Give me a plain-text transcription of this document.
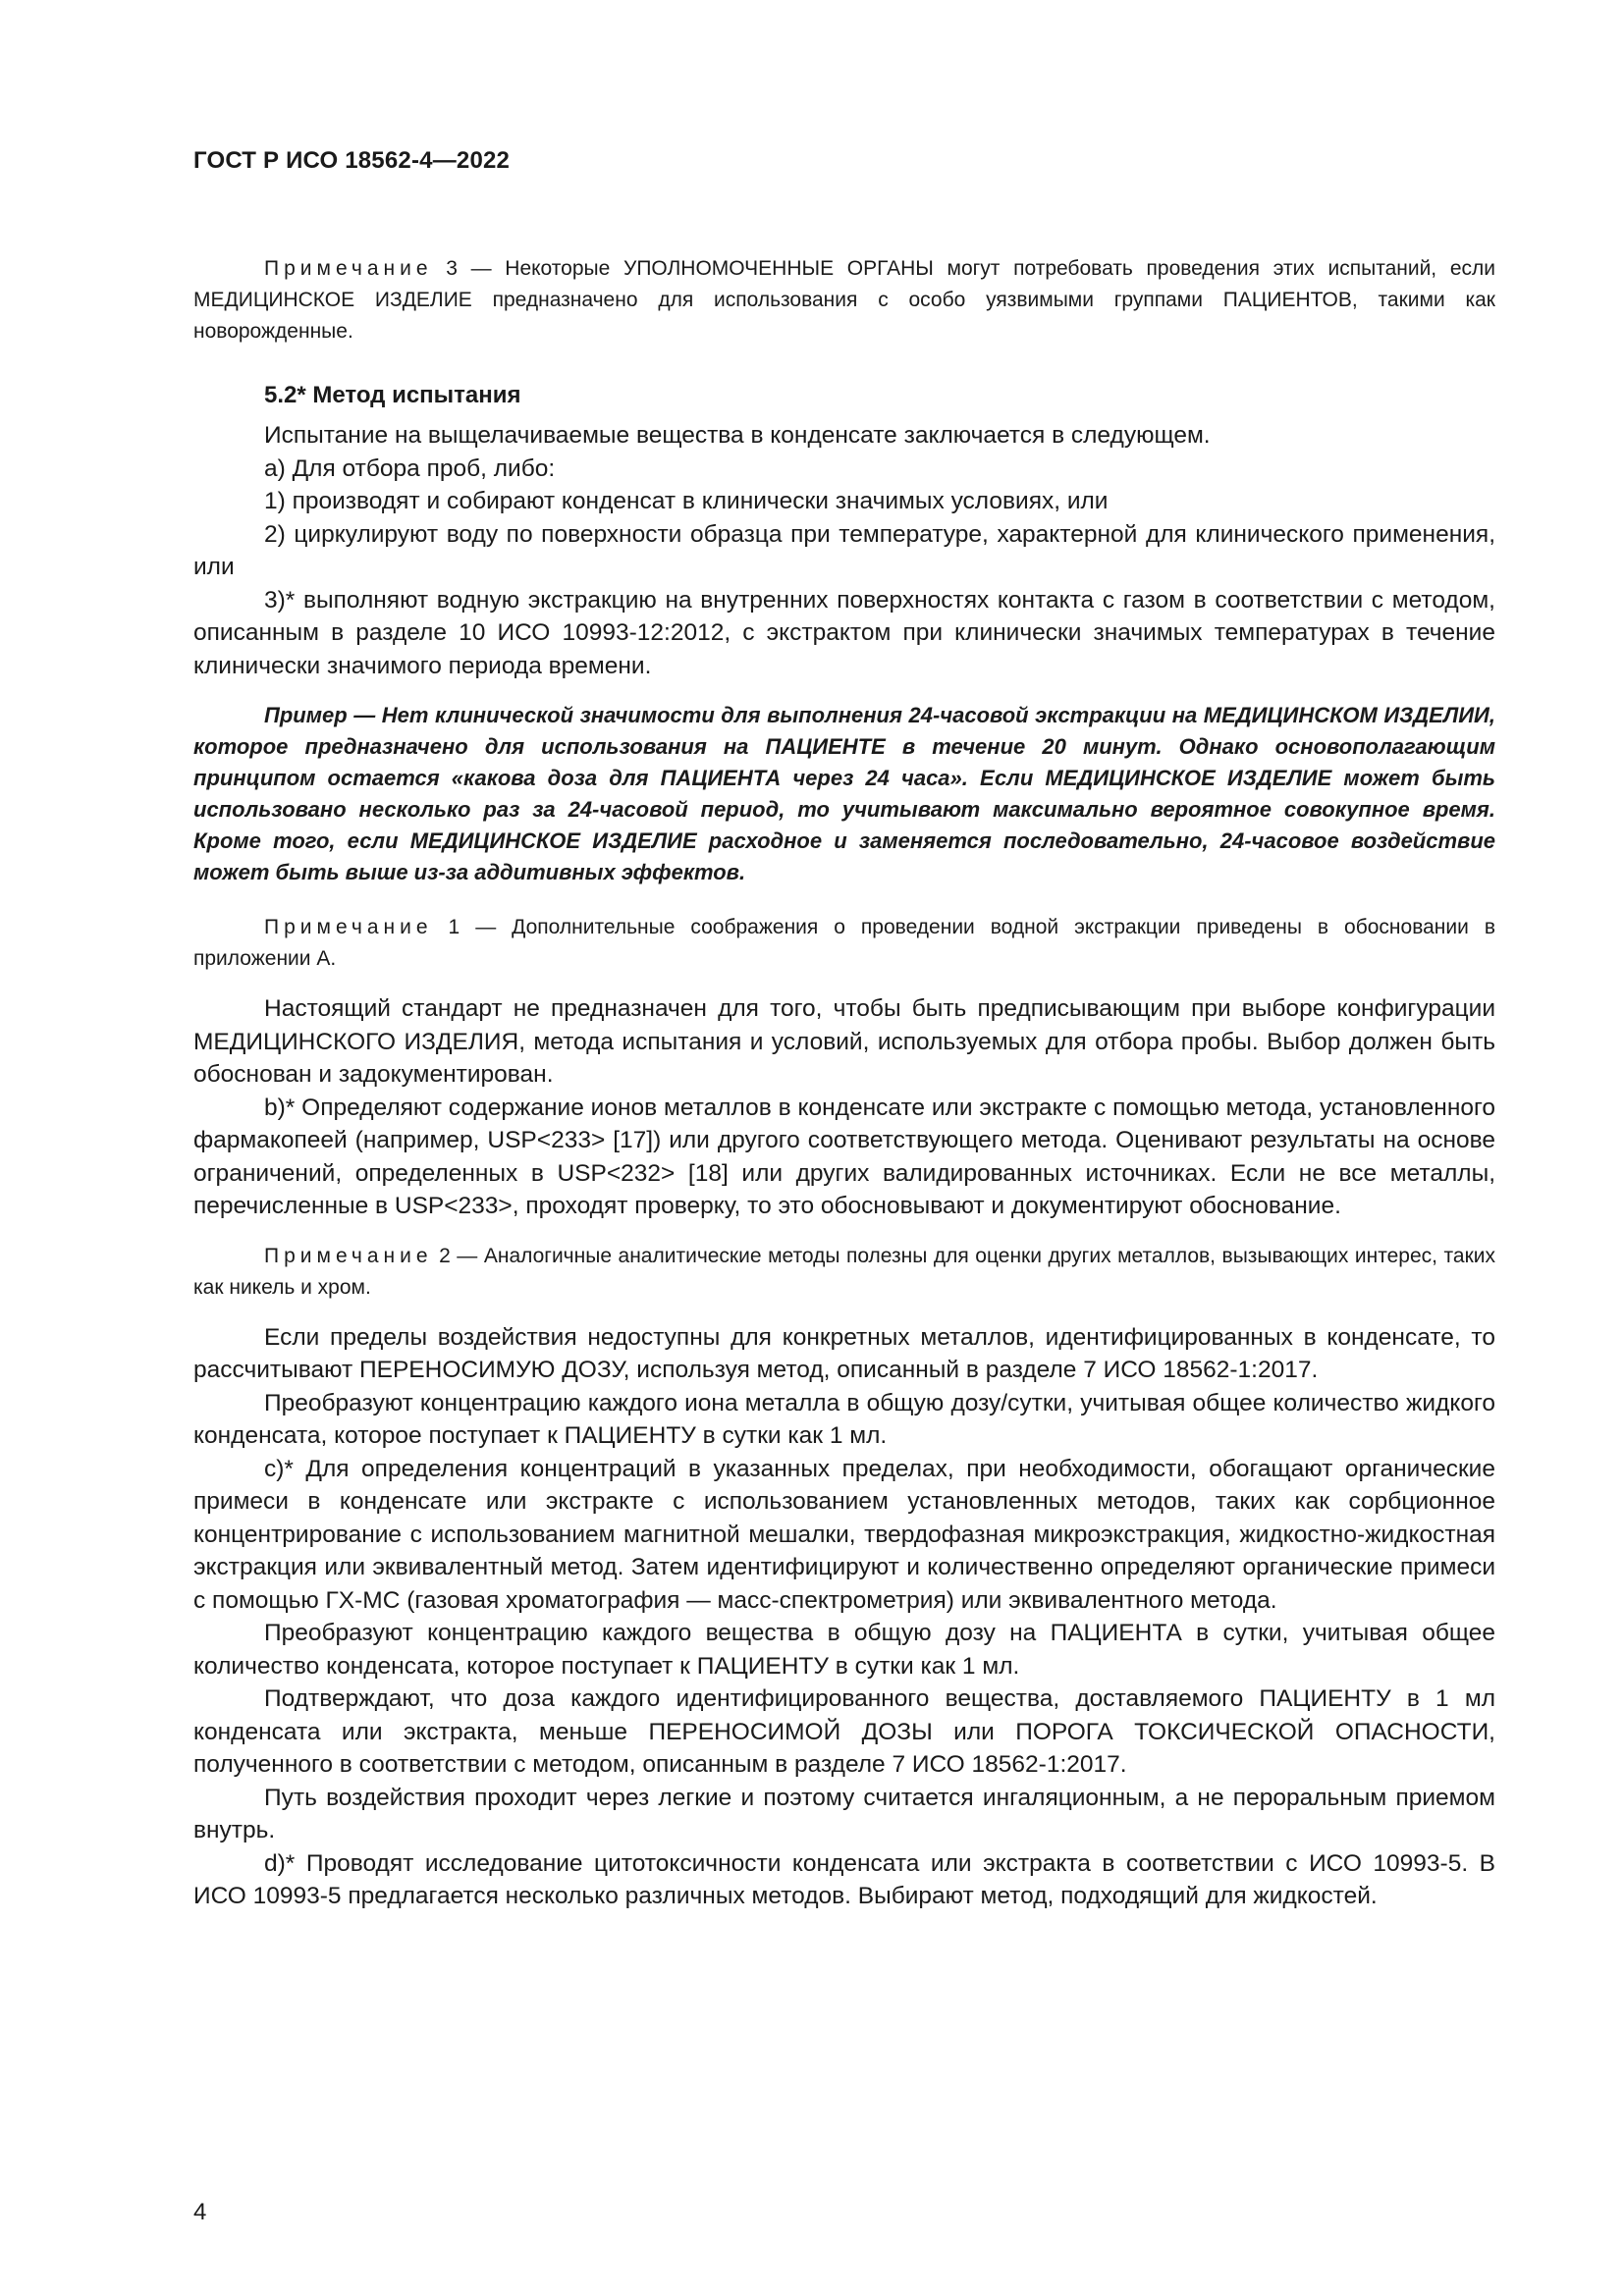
ГОСТ Р ИСО 18562-4—2022

Примечание 3 — Некоторые УПОЛНОМОЧЕННЫЕ ОРГАНЫ могут потребовать проведения этих испытаний, если МЕДИЦИНСКОЕ ИЗДЕЛИЕ предназначено для использования с особо уязвимыми группами ПАЦИЕНТОВ, такими как новорожденные.

5.2* Метод испытания

Испытание на выщелачиваемые вещества в конденсате заключается в следующем.

a) Для отбора проб, либо:

1) производят и собирают конденсат в клинически значимых условиях, или

2) циркулируют воду по поверхности образца при температуре, характерной для клинического применения, или

3)* выполняют водную экстракцию на внутренних поверхностях контакта с газом в соответствии с методом, описанным в разделе 10 ИСО 10993-12:2012, с экстрактом при клинически значимых температурах в течение клинически значимого периода времени.

Пример — Нет клинической значимости для выполнения 24-часовой экстракции на МЕДИЦИНСКОМ ИЗДЕЛИИ, которое предназначено для использования на ПАЦИЕНТЕ в течение 20 минут. Однако основополагающим принципом остается «какова доза для ПАЦИЕНТА через 24 часа». Если МЕДИЦИНСКОЕ ИЗДЕЛИЕ может быть использовано несколько раз за 24-часовой период, то учитывают максимально вероятное совокупное время. Кроме того, если МЕДИЦИНСКОЕ ИЗДЕЛИЕ расходное и заменяется последовательно, 24-часовое воздействие может быть выше из-за аддитивных эффектов.

Примечание 1 — Дополнительные соображения о проведении водной экстракции приведены в обосновании в приложении А.

Настоящий стандарт не предназначен для того, чтобы быть предписывающим при выборе конфигурации МЕДИЦИНСКОГО ИЗДЕЛИЯ, метода испытания и условий, используемых для отбора пробы. Выбор должен быть обоснован и задокументирован.

b)* Определяют содержание ионов металлов в конденсате или экстракте с помощью метода, установленного фармакопеей (например, USP<233> [17]) или другого соответствующего метода. Оценивают результаты на основе ограничений, определенных в USP<232> [18] или других валидированных источниках. Если не все металлы, перечисленные в USP<233>, проходят проверку, то это обосновывают и документируют обоснование.

Примечание 2 — Аналогичные аналитические методы полезны для оценки других металлов, вызывающих интерес, таких как никель и хром.

Если пределы воздействия недоступны для конкретных металлов, идентифицированных в конденсате, то рассчитывают ПЕРЕНОСИМУЮ ДОЗУ, используя метод, описанный в разделе 7 ИСО 18562-1:2017.

Преобразуют концентрацию каждого иона металла в общую дозу/сутки, учитывая общее количество жидкого конденсата, которое поступает к ПАЦИЕНТУ в сутки как 1 мл.

c)* Для определения концентраций в указанных пределах, при необходимости, обогащают органические примеси в конденсате или экстракте с использованием установленных методов, таких как сорбционное концентрирование с использованием магнитной мешалки, твердофазная микроэкстракция, жидкостно-жидкостная экстракция или эквивалентный метод. Затем идентифицируют и количественно определяют органические примеси с помощью ГХ-МС (газовая хроматография — масс-спектрометрия) или эквивалентного метода.

Преобразуют концентрацию каждого вещества в общую дозу на ПАЦИЕНТА в сутки, учитывая общее количество конденсата, которое поступает к ПАЦИЕНТУ в сутки как 1 мл.

Подтверждают, что доза каждого идентифицированного вещества, доставляемого ПАЦИЕНТУ в 1 мл конденсата или экстракта, меньше ПЕРЕНОСИМОЙ ДОЗЫ или ПОРОГА ТОКСИЧЕСКОЙ ОПАСНОСТИ, полученного в соответствии с методом, описанным в разделе 7 ИСО 18562-1:2017.

Путь воздействия проходит через легкие и поэтому считается ингаляционным, а не пероральным приемом внутрь.

d)* Проводят исследование цитотоксичности конденсата или экстракта в соответствии с ИСО 10993-5. В ИСО 10993-5 предлагается несколько различных методов. Выбирают метод, подходящий для жидкостей.

4
